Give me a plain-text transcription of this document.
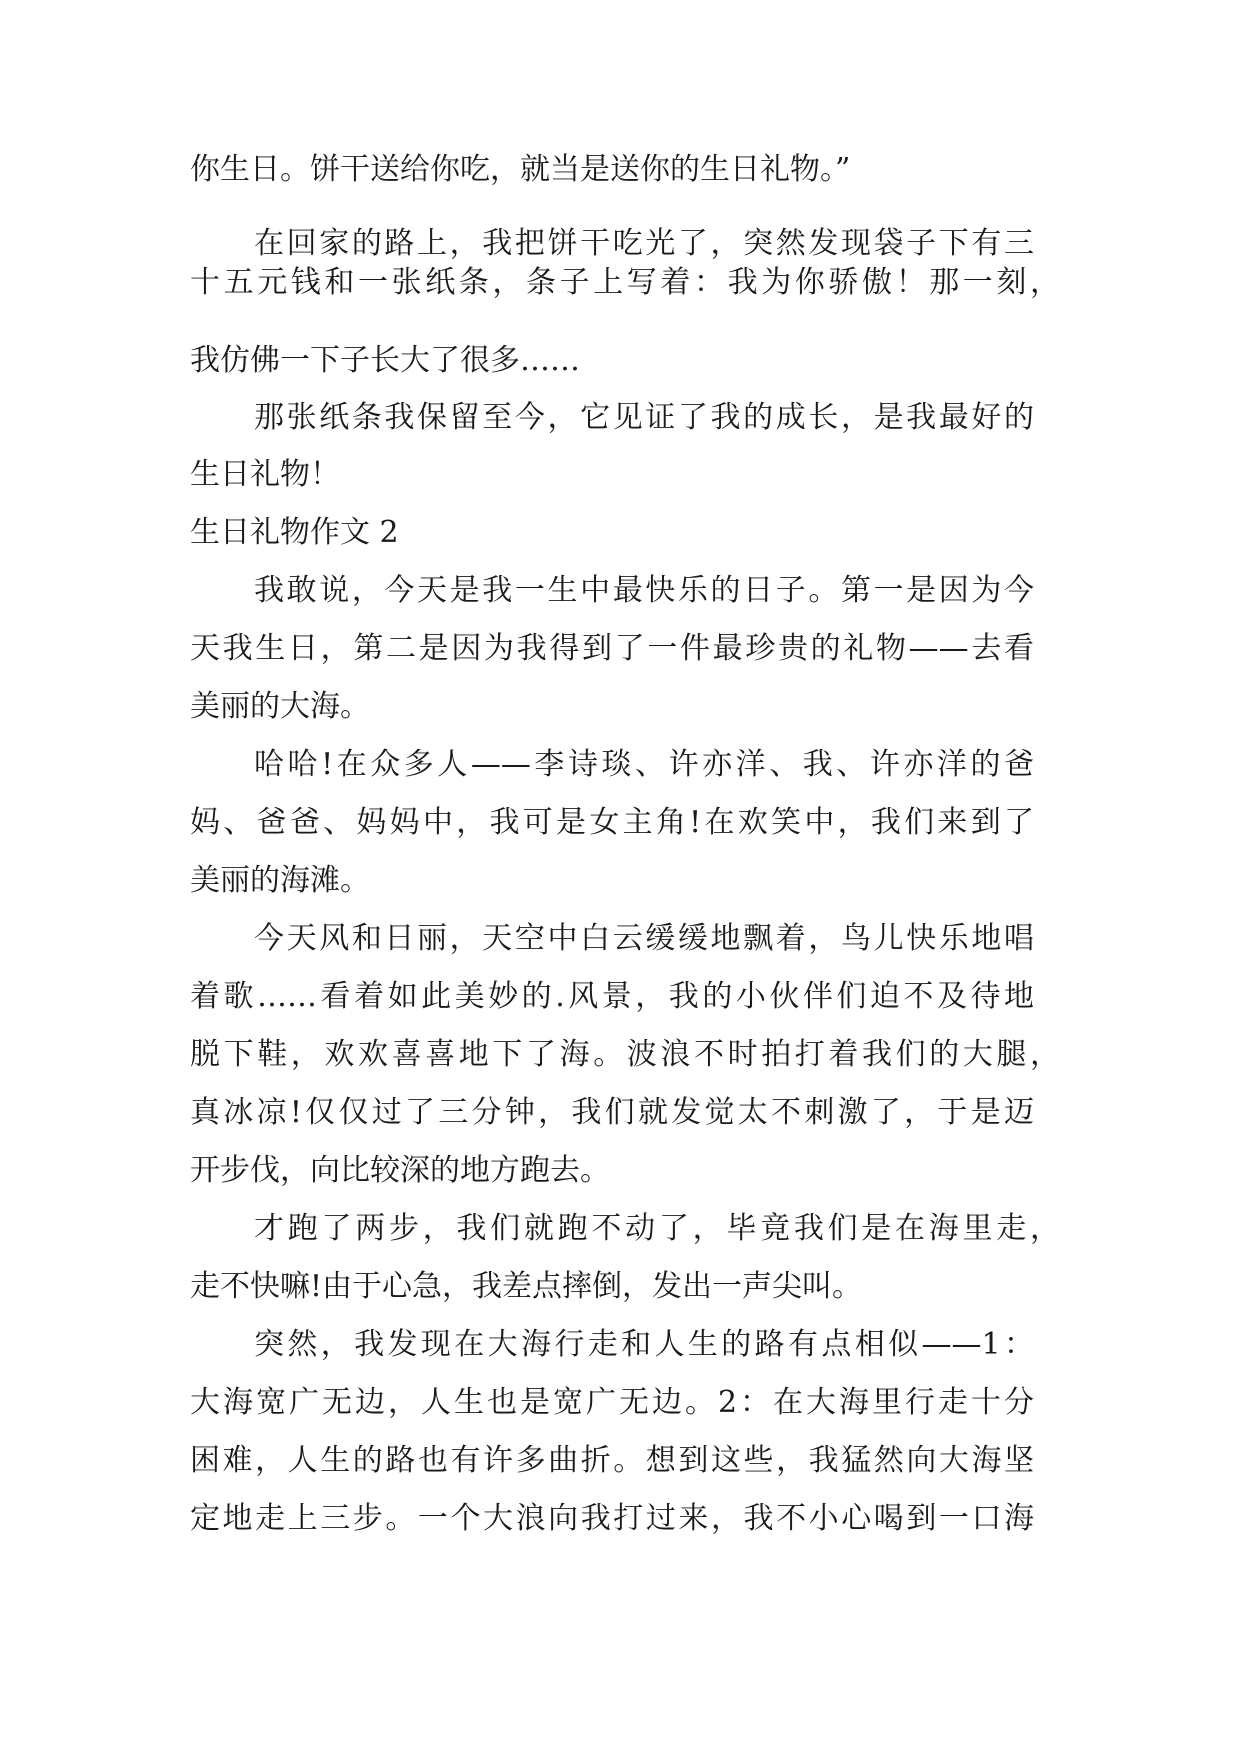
你生日。饼干送给你吃，就当是送你的生日礼物。”
在回家的路上，我把饼干吃光了，突然发现袋子下有三
十五元钱和一张纸条，条子上写着：我为你骄傲！那一刻，
我仿佛一下子长大了很多……
那张纸条我保留至今，它见证了我的成长，是我最好的
生日礼物！
生日礼物作文 2
我敢说，今天是我一生中最快乐的日子。第一是因为今
天我生日，第二是因为我得到了一件最珍贵的礼物——去看
美丽的大海。
哈哈!在众多人——李诗琰、许亦洋、我、许亦洋的爸
妈、爸爸、妈妈中，我可是女主角!在欢笑中，我们来到了
美丽的海滩。
今天风和日丽，天空中白云缓缓地飘着，鸟儿快乐地唱
着歌……看着如此美妙的.风景，我的小伙伴们迫不及待地
脱下鞋，欢欢喜喜地下了海。波浪不时拍打着我们的大腿，
真冰凉!仅仅过了三分钟，我们就发觉太不刺激了，于是迈
开步伐，向比较深的地方跑去。
才跑了两步，我们就跑不动了，毕竟我们是在海里走，
走不快嘛!由于心急，我差点摔倒，发出一声尖叫。
突然，我发现在大海行走和人生的路有点相似——1：
大海宽广无边，人生也是宽广无边。2：在大海里行走十分
困难，人生的路也有许多曲折。想到这些，我猛然向大海坚
定地走上三步。一个大浪向我打过来，我不小心喝到一口海
